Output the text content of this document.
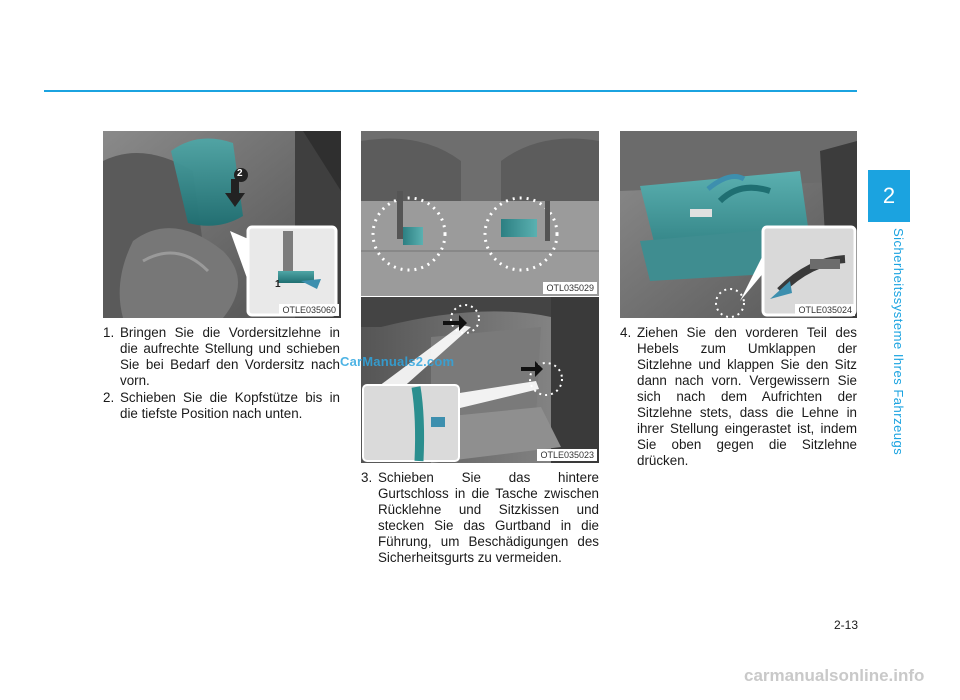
2
Sicherheitssysteme Ihres Fahrzeugs
2
1
OTLE035060
OTL035029
OTLE035023
OTLE035024
1. Bringen Sie die Vordersitzlehne in die aufrechte Stellung und schieben Sie bei Bedarf den Vordersitz nach vorn.
2. Schieben Sie die Kopfstütze bis in die tiefste Position nach unten.
3. Schieben Sie das hintere Gurtschloss in die Tasche zwischen Rücklehne und Sitzkissen und stecken Sie das Gurtband in die Führung, um Beschädigungen des Sicherheitsgurts zu vermeiden.
4. Ziehen Sie den vorderen Teil des Hebels zum Umklappen der Sitzlehne und klappen Sie den Sitz dann nach vorn. Vergewissern Sie sich nach dem Aufrichten der Sitzlehne stets, dass die Lehne in ihrer Stellung eingerastet ist, indem Sie oben gegen die Sitzlehne drücken.
CarManuals2.com
2-13
carmanualsonline.info
